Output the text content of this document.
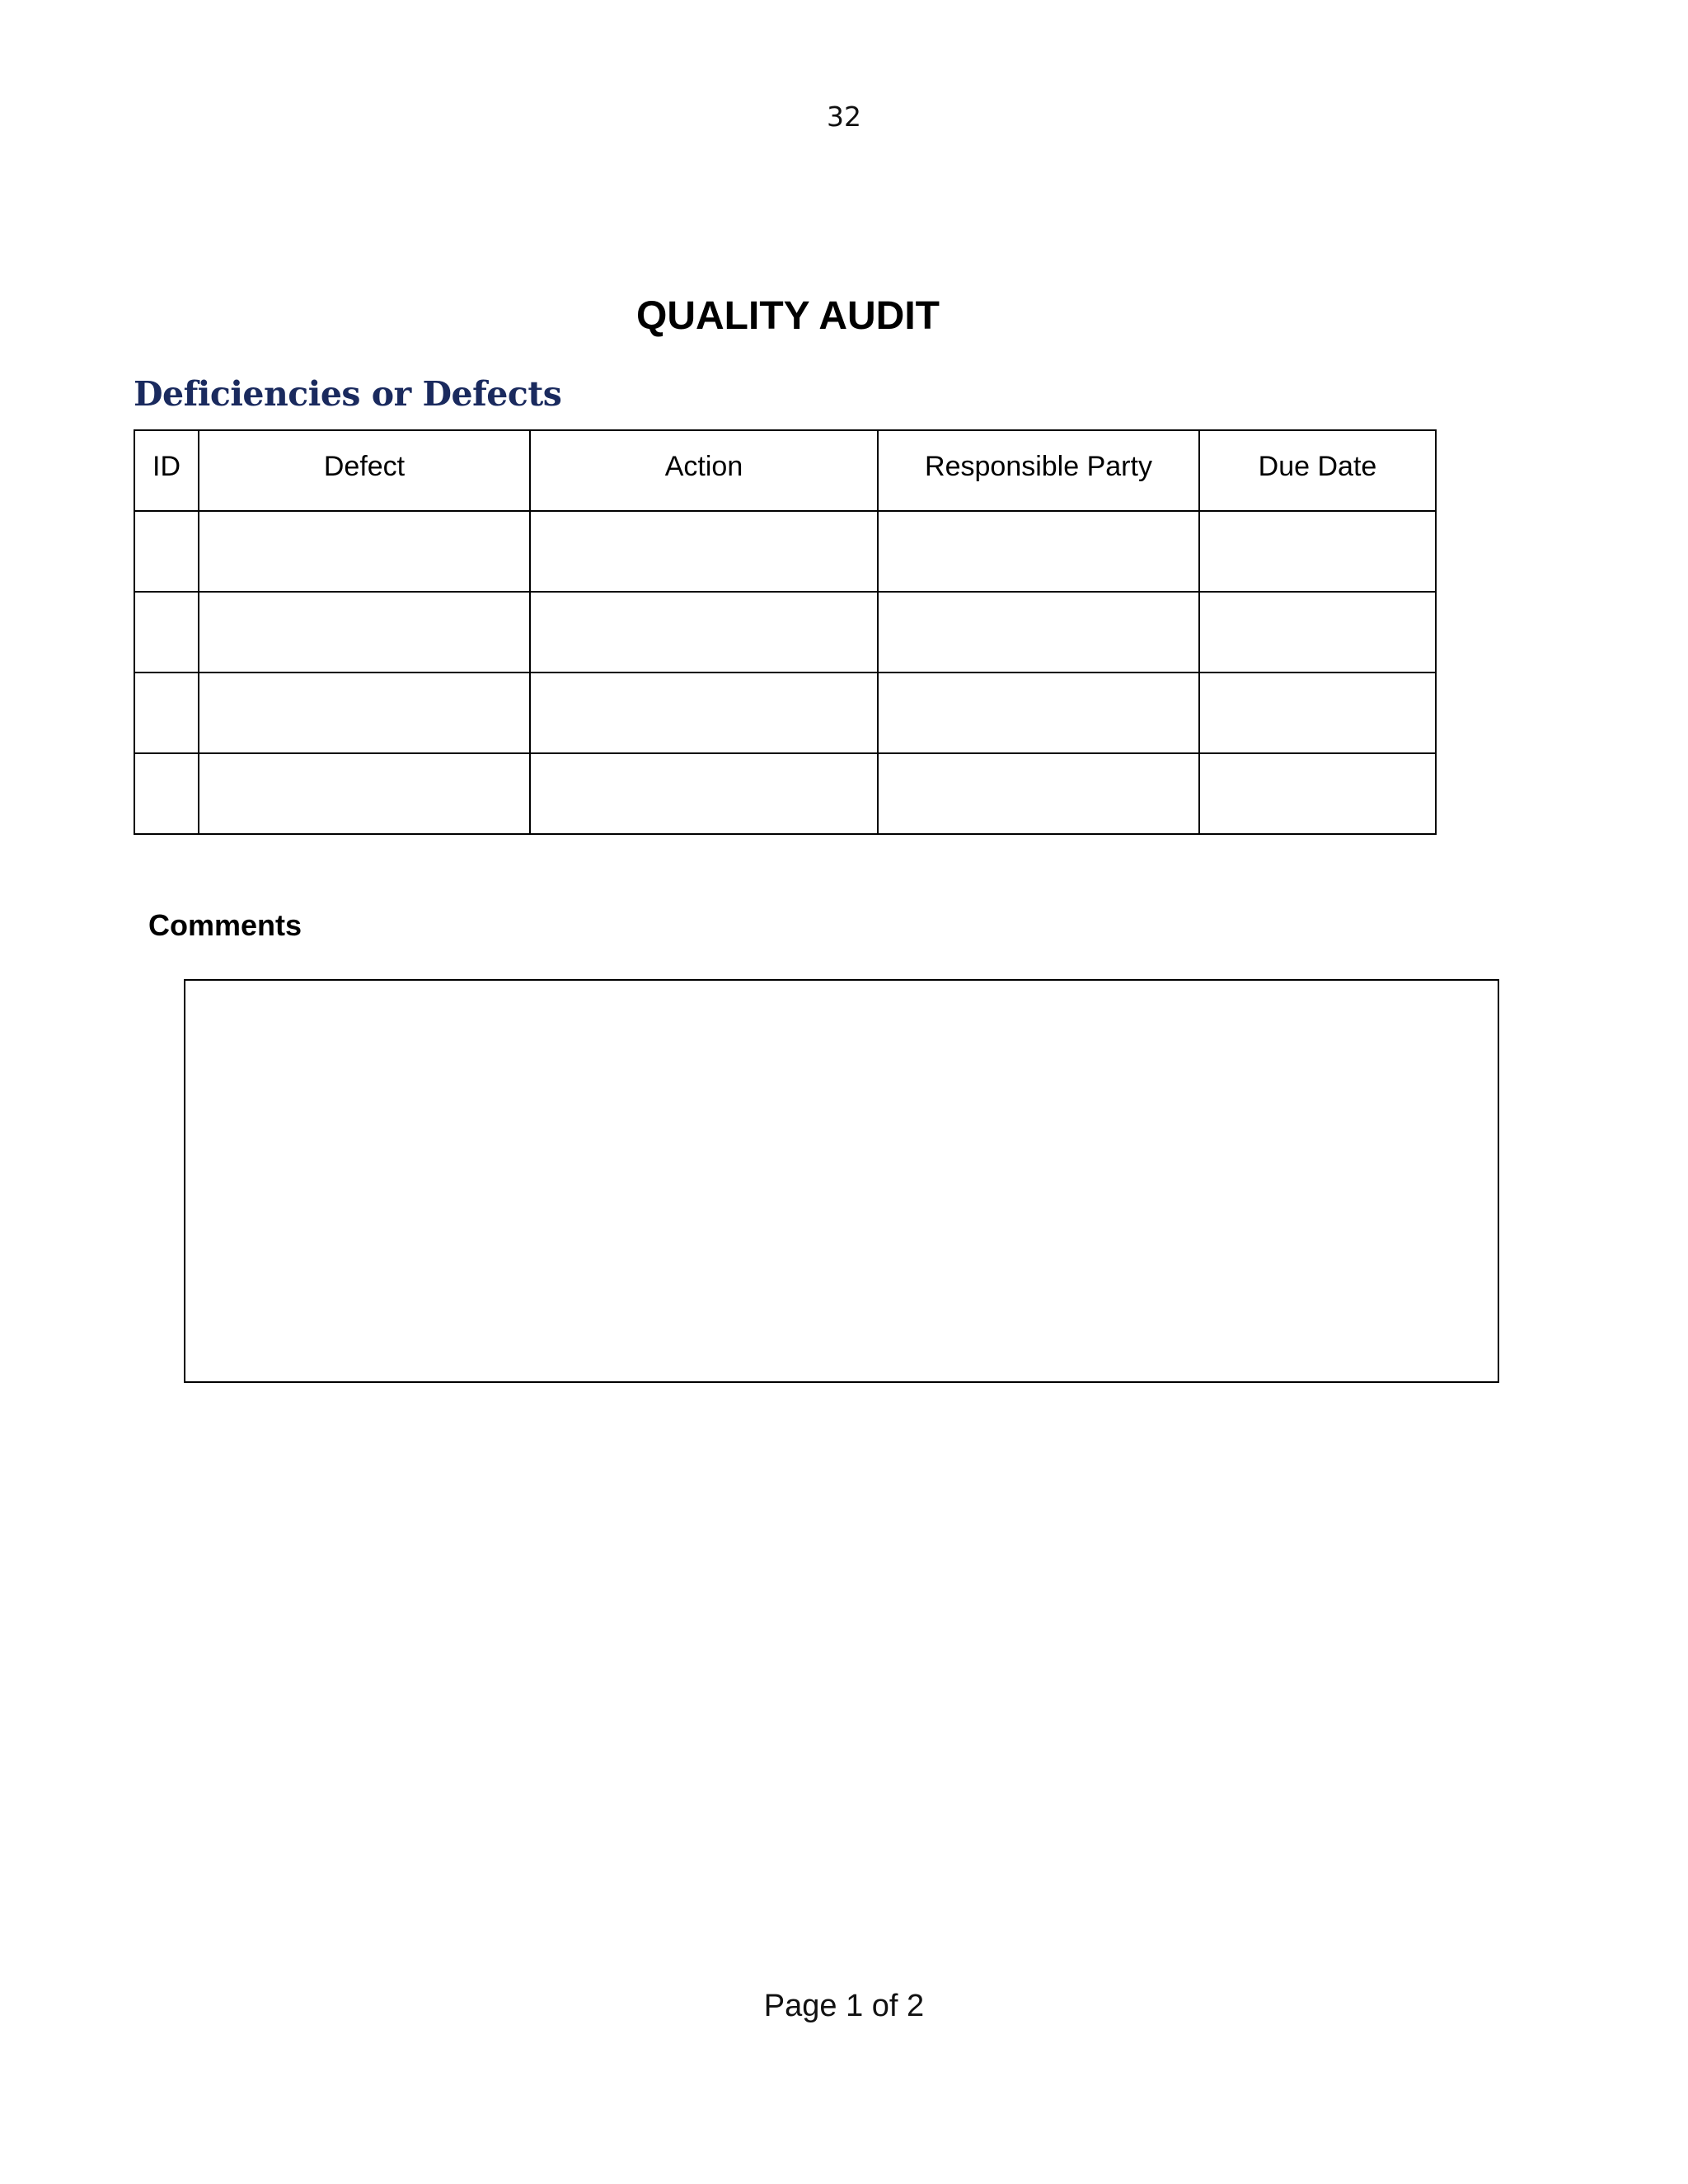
32
QUALITY AUDIT
Deficiencies or Defects
ID	Defect	Action	Responsible Party	Due Date

Comments
Page 1 of 2
